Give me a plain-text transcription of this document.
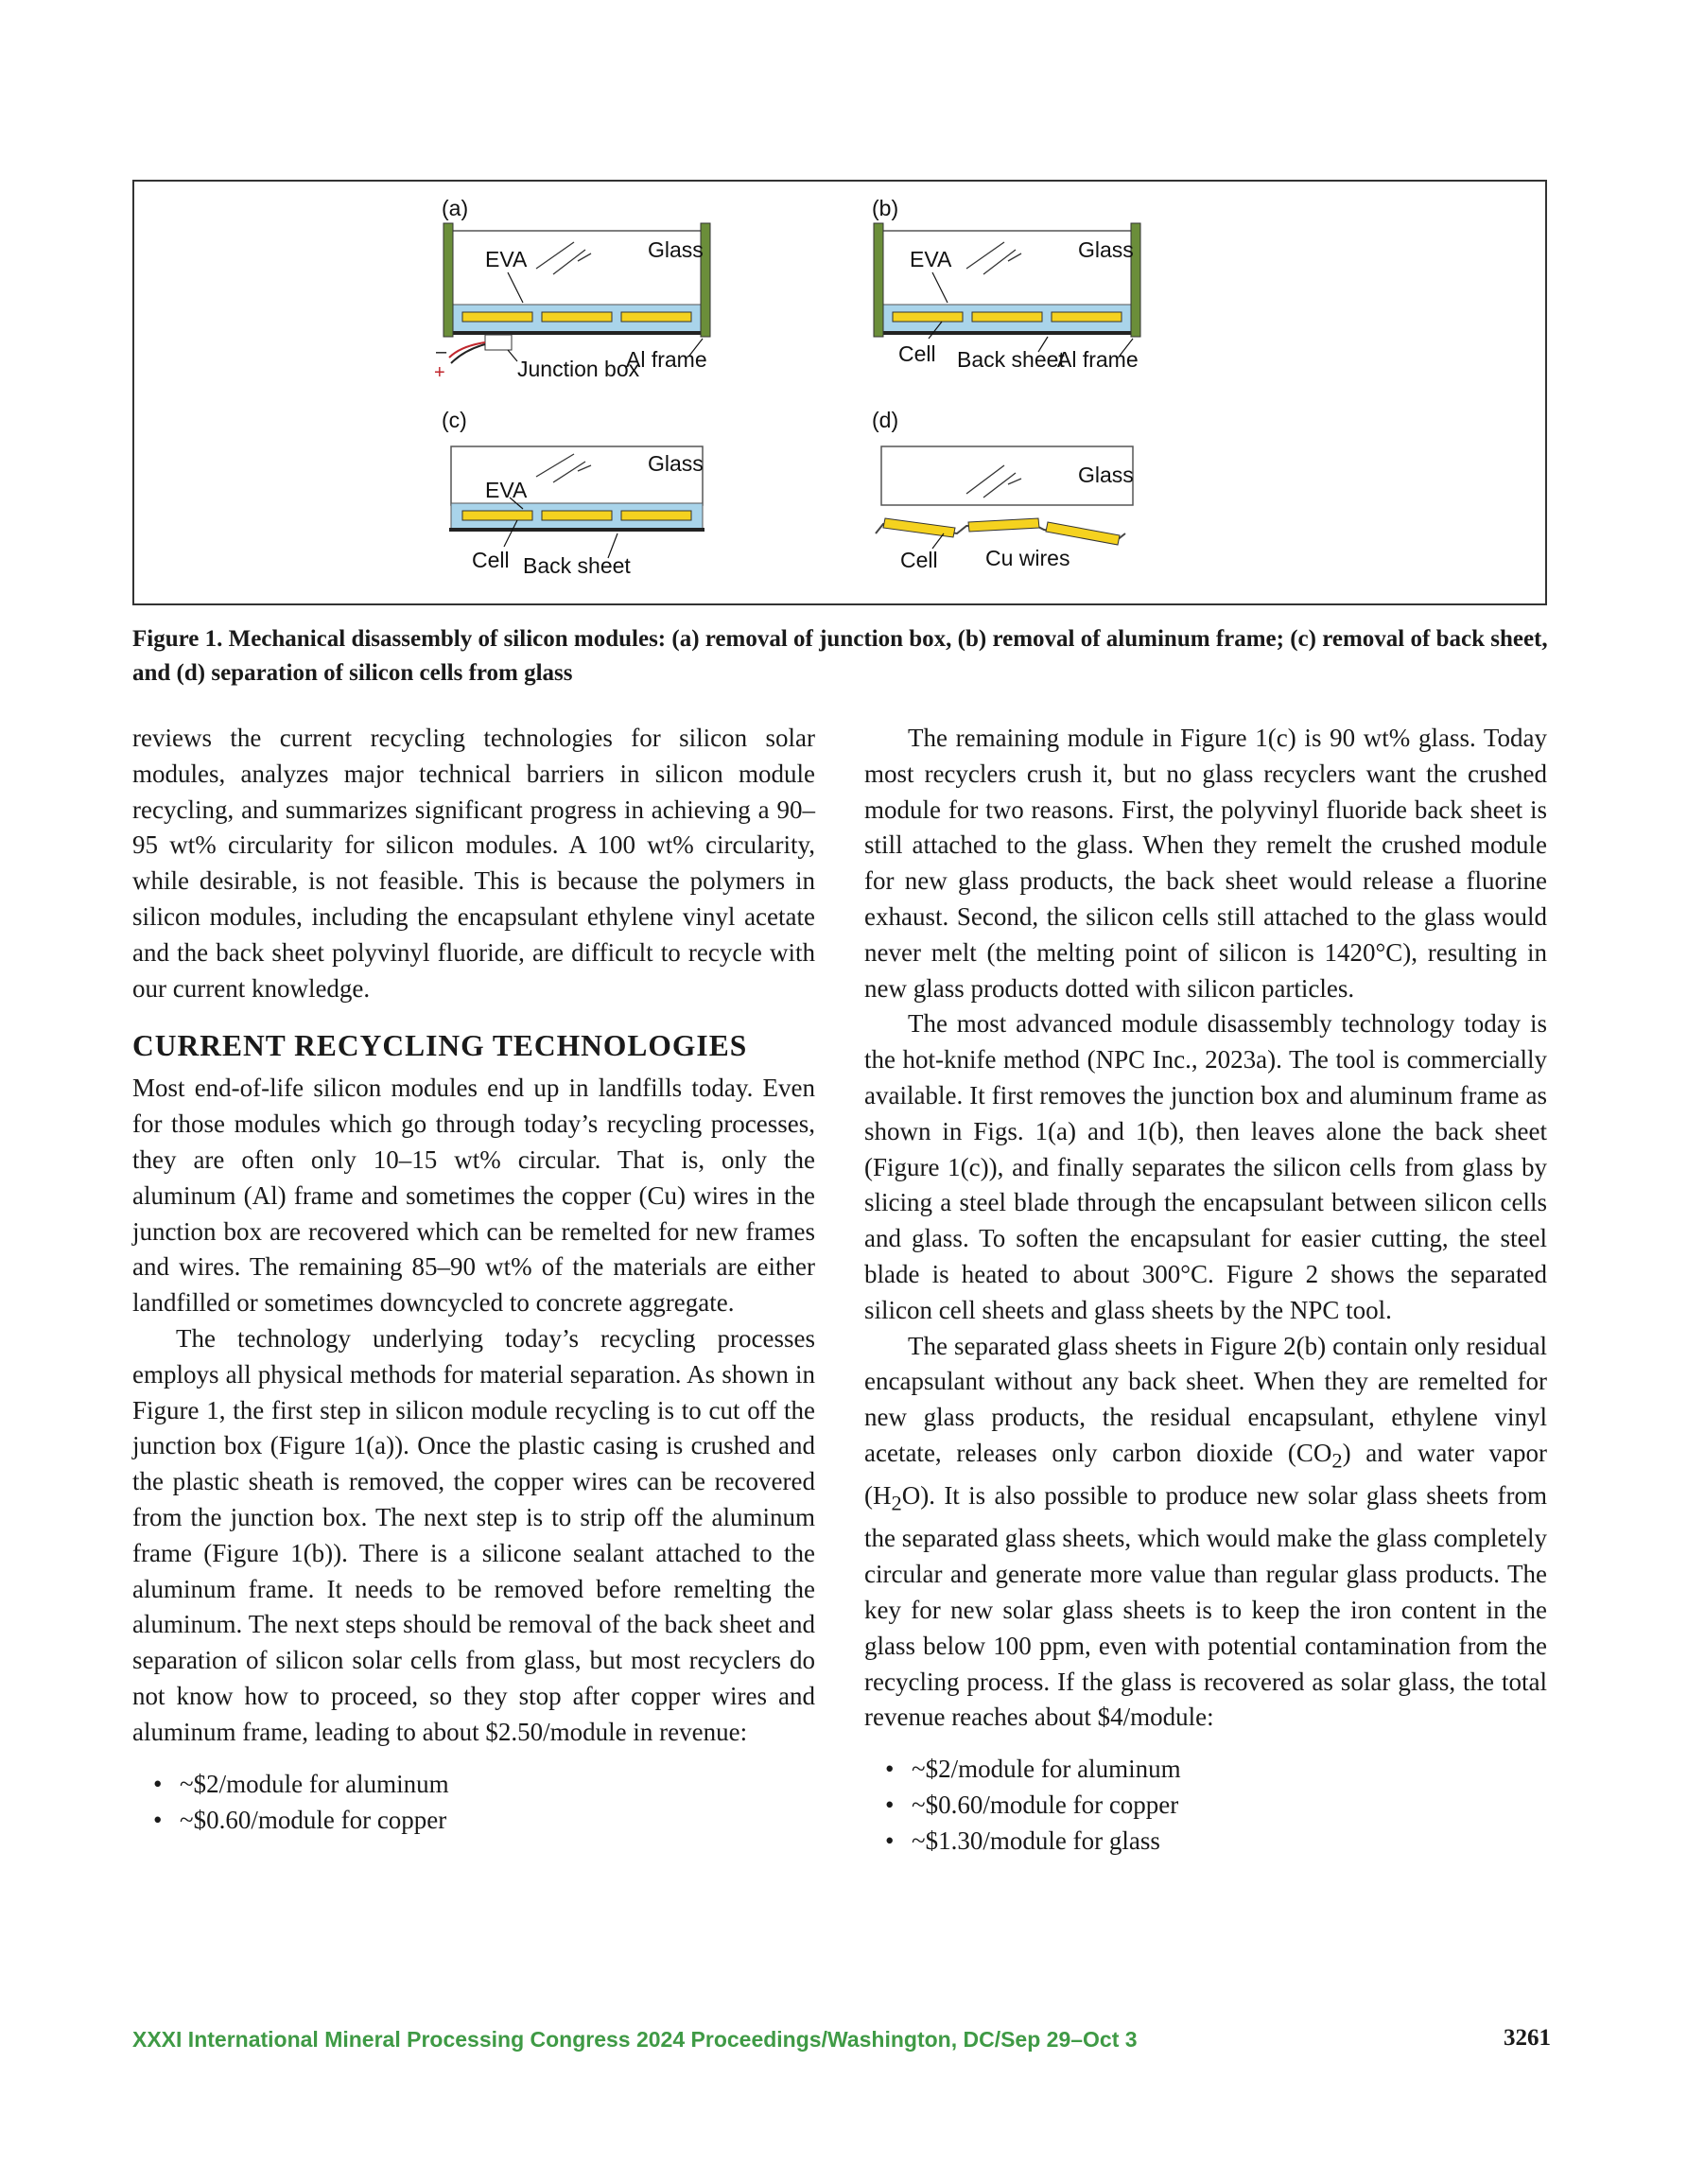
(a)
Glass
EVA
–
+	Junction box
Al frame
(b)
Glass
EVA
Cell Back sheet
Al frame
(c)
Glass
EVA
Cell Back sheet
(d)
Glass
Cell Cu wires
Figure 1. Mechanical disassembly of silicon modules: (a) removal of junction box, (b) removal of aluminum frame; (c) removal of back sheet, and (d) separation of silicon cells from glass

reviews the current recycling technologies for silicon solar modules, analyzes major technical barriers in silicon module recycling, and summarizes significant progress in achieving a 90–95 wt% circularity for silicon modules. A 100 wt% circularity, while desirable, is not feasible. This is because the polymers in silicon modules, including the encapsulant ethylene vinyl acetate and the back sheet polyvinyl fluoride, are difficult to recycle with our current knowledge.

CURRENT RECYCLING TECHNOLOGIES

Most end-of-life silicon modules end up in landfills today. Even for those modules which go through today’s recycling processes, they are often only 10–15 wt% circular. That is, only the aluminum (Al) frame and sometimes the copper (Cu) wires in the junction box are recovered which can be remelted for new frames and wires. The remaining 85–90 wt% of the materials are either landfilled or sometimes downcycled to concrete aggregate.

The technology underlying today’s recycling processes employs all physical methods for material separation. As shown in Figure 1, the first step in silicon module recycling is to cut off the junction box (Figure 1(a)). Once the plastic casing is crushed and the plastic sheath is removed, the copper wires can be recovered from the junction box. The next step is to strip off the aluminum frame (Figure 1(b)). There is a silicone sealant attached to the aluminum frame. It needs to be removed before remelting the aluminum. The next steps should be removal of the back sheet and separation of silicon solar cells from glass, but most recyclers do not know how to proceed, so they stop after copper wires and aluminum frame, leading to about $2.50/module in revenue:

• ~$2/module for aluminum
• ~$0.60/module for copper

The remaining module in Figure 1(c) is 90 wt% glass. Today most recyclers crush it, but no glass recyclers want the crushed module for two reasons. First, the polyvinyl fluoride back sheet is still attached to the glass. When they remelt the crushed module for new glass products, the back sheet would release a fluorine exhaust. Second, the silicon cells still attached to the glass would never melt (the melting point of silicon is 1420°C), resulting in new glass products dotted with silicon particles.

The most advanced module disassembly technology today is the hot-knife method (NPC Inc., 2023a). The tool is commercially available. It first removes the junction box and aluminum frame as shown in Figs. 1(a) and 1(b), then leaves alone the back sheet (Figure 1(c)), and finally separates the silicon cells from glass by slicing a steel blade through the encapsulant between silicon cells and glass. To soften the encapsulant for easier cutting, the steel blade is heated to about 300°C. Figure 2 shows the separated silicon cell sheets and glass sheets by the NPC tool.

The separated glass sheets in Figure 2(b) contain only residual encapsulant without any back sheet. When they are remelted for new glass products, the residual encapsulant, ethylene vinyl acetate, releases only carbon dioxide $(CO_2)$ and water vapor $(H_2O)$. It is also possible to produce new solar glass sheets from the separated glass sheets, which would make the glass completely circular and generate more value than regular glass products. The key for new solar glass sheets is to keep the iron content in the glass below 100 ppm, even with potential contamination from the recycling process. If the glass is recovered as solar glass, the total revenue reaches about $4/module:

• ~$2/module for aluminum
• ~$0.60/module for copper
• ~$1.30/module for glass
XXXI International Mineral Processing Congress 2024 Proceedings/Washington, DC/Sep 29–Oct 3	3261
